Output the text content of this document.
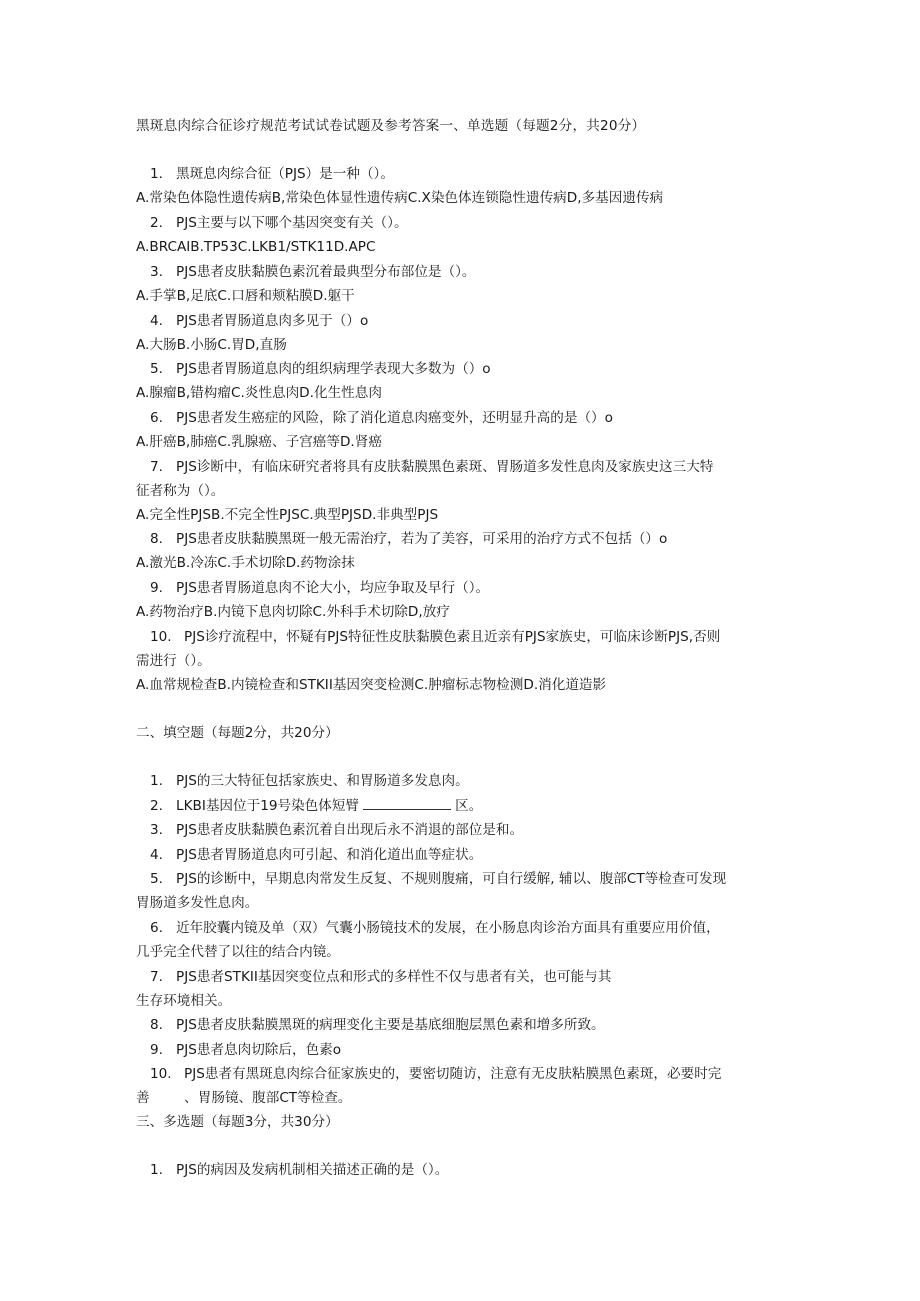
黑斑息肉综合征诊疗规范考试试卷试题及参考答案一、单选题（每题2分，共20分）
1. 黑斑息肉综合征（PJS）是一种（）。
A.常染色体隐性遗传病B,常染色体显性遗传病C.X染色体连锁隐性遗传病D,多基因遗传病
2. PJS主要与以下哪个基因突变有关（）。
A.BRCAIB.TP53C.LKB1∕STK11D.APC
3. PJS患者皮肤黏膜色素沉着最典型分布部位是（）。
A.手掌B,足底C.口唇和颊粘膜D.躯干
4. PJS患者胃肠道息肉多见于（）o
A.大肠B.小肠C.胃D,直肠
5. PJS患者胃肠道息肉的组织病理学表现大多数为（）o
A.腺瘤B,错构瘤C.炎性息肉D.化生性息肉
6. PJS患者发生癌症的风险，除了消化道息肉癌变外，还明显升高的是（）o
A.肝癌B,肺癌C.乳腺癌、子宫癌等D.肾癌
7. PJS诊断中，有临床研究者将具有皮肤黏膜黑色素斑、胃肠道多发性息肉及家族史这三大特
征者称为（）。
A.完全性PJSB.不完全性PJSC.典型PJSD.非典型PJS
8. PJS患者皮肤黏膜黑斑一般无需治疗，若为了美容，可采用的治疗方式不包括（）o
A.激光B.冷冻C.手术切除D.药物涂抹
9. PJS患者胃肠道息肉不论大小，均应争取及早行（）。
A.药物治疗B.内镜下息肉切除C.外科手术切除D,放疗
10. PJS诊疗流程中，怀疑有PJS特征性皮肤黏膜色素且近亲有PJS家族史，可临床诊断PJS,否则
需进行（）。
A.血常规检查B.内镜检查和STKII基因突变检测C.肿瘤标志物检测D.消化道造影
二、填空题（每题2分，共20分）
1. PJS的三大特征包括家族史、和胃肠道多发息肉。
2. LKBI基因位于19号染色体短臂	区。
3. PJS患者皮肤黏膜色素沉着自出现后永不消退的部位是和。
4. PJS患者胃肠道息肉可引起、和消化道出血等症状。
5. PJS的诊断中，早期息肉常发生反复、不规则腹痛，可自行缓解, 辅以、腹部CT等检查可发现
胃肠道多发性息肉。
6. 近年胶囊内镜及单（双）气囊小肠镜技术的发展，在小肠息肉诊治方面具有重要应用价值，
几乎完全代替了以往的结合内镜。
7. PJS患者STKII基因突变位点和形式的多样性不仅与患者有关，也可能与其
生存环境相关。
8. PJS患者皮肤黏膜黑斑的病理变化主要是基底细胞层黑色素和增多所致。
9. PJS患者息肉切除后，色素o
10. PJS患者有黑斑息肉综合征家族史的，要密切随访，注意有无皮肤粘膜黑色素斑，必要时完
善        、胃肠镜、腹部CT等检查。
三、多选题（每题3分，共30分）
1. PJS的病因及发病机制相关描述正确的是（）。
